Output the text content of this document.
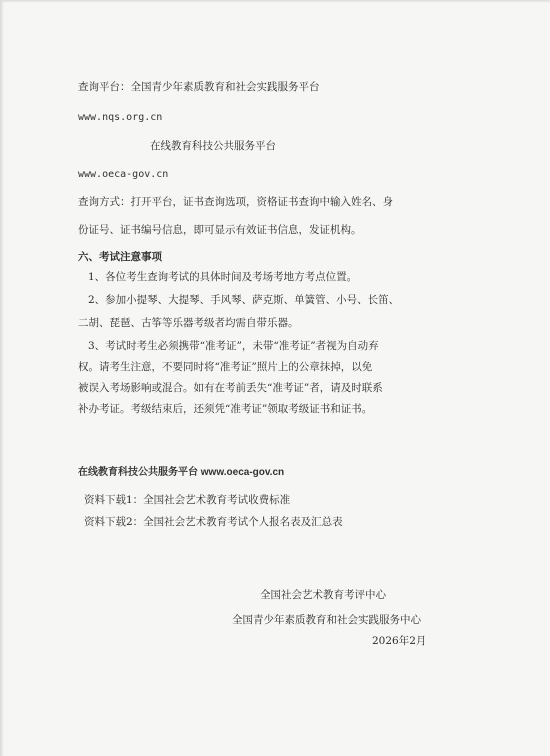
查询平台：全国青少年素质教育和社会实践服务平台
www.nqs.org.cn
在线教育科技公共服务平台
www.oeca-gov.cn
查询方式：打开平台，证书查询选项，资格证书查询中输入姓名、身
份证号、证书编号信息，即可显示有效证书信息，发证机构。
六、考试注意事项
1、各位考生查询考试的具体时间及考场考地方考点位置。
2、参加小提琴、大提琴、手风琴、萨克斯、单簧管、小号、长笛、
二胡、琵琶、古筝等乐器考级者均需自带乐器。
3、考试时考生必须携带“准考证”，未带“准考证”者视为自动弃
权。请考生注意，不要同时将“准考证”照片上的公章抹掉，以免
被误入考场影响或混合。如有在考前丢失“准考证”者，请及时联系
补办考证。考级结束后，还须凭“准考证”领取考级证书和证书。
在线教育科技公共服务平台 www.oeca-gov.cn
资料下载1：全国社会艺术教育考试收费标准
资料下载2：全国社会艺术教育考试个人报名表及汇总表
全国社会艺术教育考评中心
全国青少年素质教育和社会实践服务中心
2026年2月
